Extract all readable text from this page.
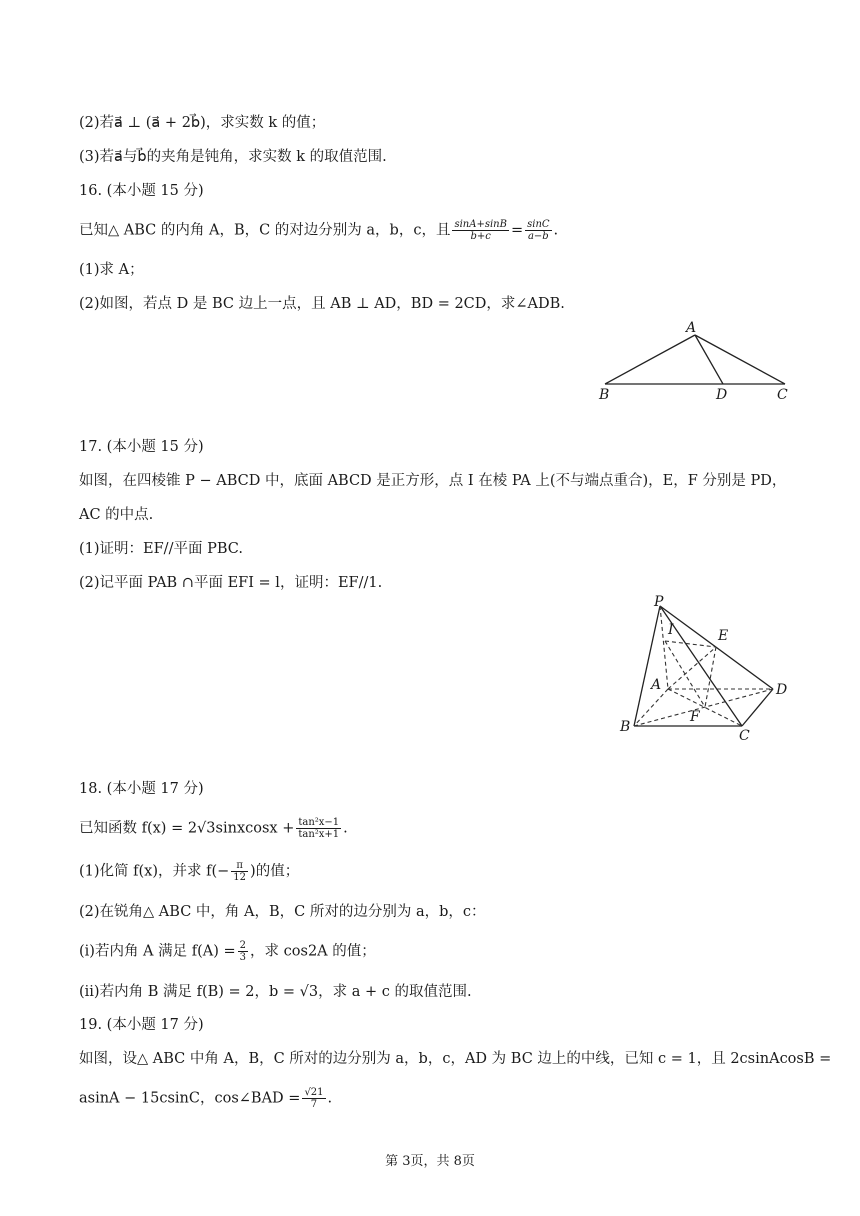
(2)若a⃗ ⊥ (a⃗ + 2b⃗)，求实数 k 的值；
(3)若a⃗与b⃗的夹角是钝角，求实数 k 的取值范围.
16. (本小题 15 分)
已知△ ABC 的内角 A，B，C 的对边分别为 a，b，c，且 $\frac{\sin A+\sin B}{b+c} = \frac{\sin C}{a-b}$ .
(1)求 A；
(2)如图，若点 D 是 BC 边上一点，且 AB ⊥ AD，BD = 2CD，求∠ADB.
A
B	D	C
17. (本小题 15 分)
如图，在四棱锥 P − ABCD 中，底面 ABCD 是正方形，点 I 在棱 PA 上(不与端点重合)，E，F 分别是 PD，
AC 的中点.
(1)证明：EF//平面 PBC.
(2)记平面 PAB ∩平面 EFI = l，证明：EF//1.
P
I	E
A	D
F
B
C
18. (本小题 17 分)
已知函数 f(x) = 2√3sinxcosx + $\frac{\text{tan²x−1}}{\text{tan²x+1}}$ .
(1)化简 f(x)，并求 $f(- \frac{\pi}{12}$ )的值；
(2)在锐角△ ABC 中，角 A，B，C 所对的边分别为 a，b，c：
(i)若内角 A 满足 $f(A) = \frac{2}{3}$ ，求 cos2A 的值；
(ii)若内角 B 满足 f(B) = 2，b = √3，求 a + c 的取值范围.
19. (本小题 17 分)
如图，设△ ABC 中角 A，B，C 所对的边分别为 a，b，c，AD 为 BC 边上的中线，已知 c = 1，且 2csinAcosB =
asinA − 15csinC，cos∠BAD = $\frac{√21}{7}$ .
第 3页，共 8页
